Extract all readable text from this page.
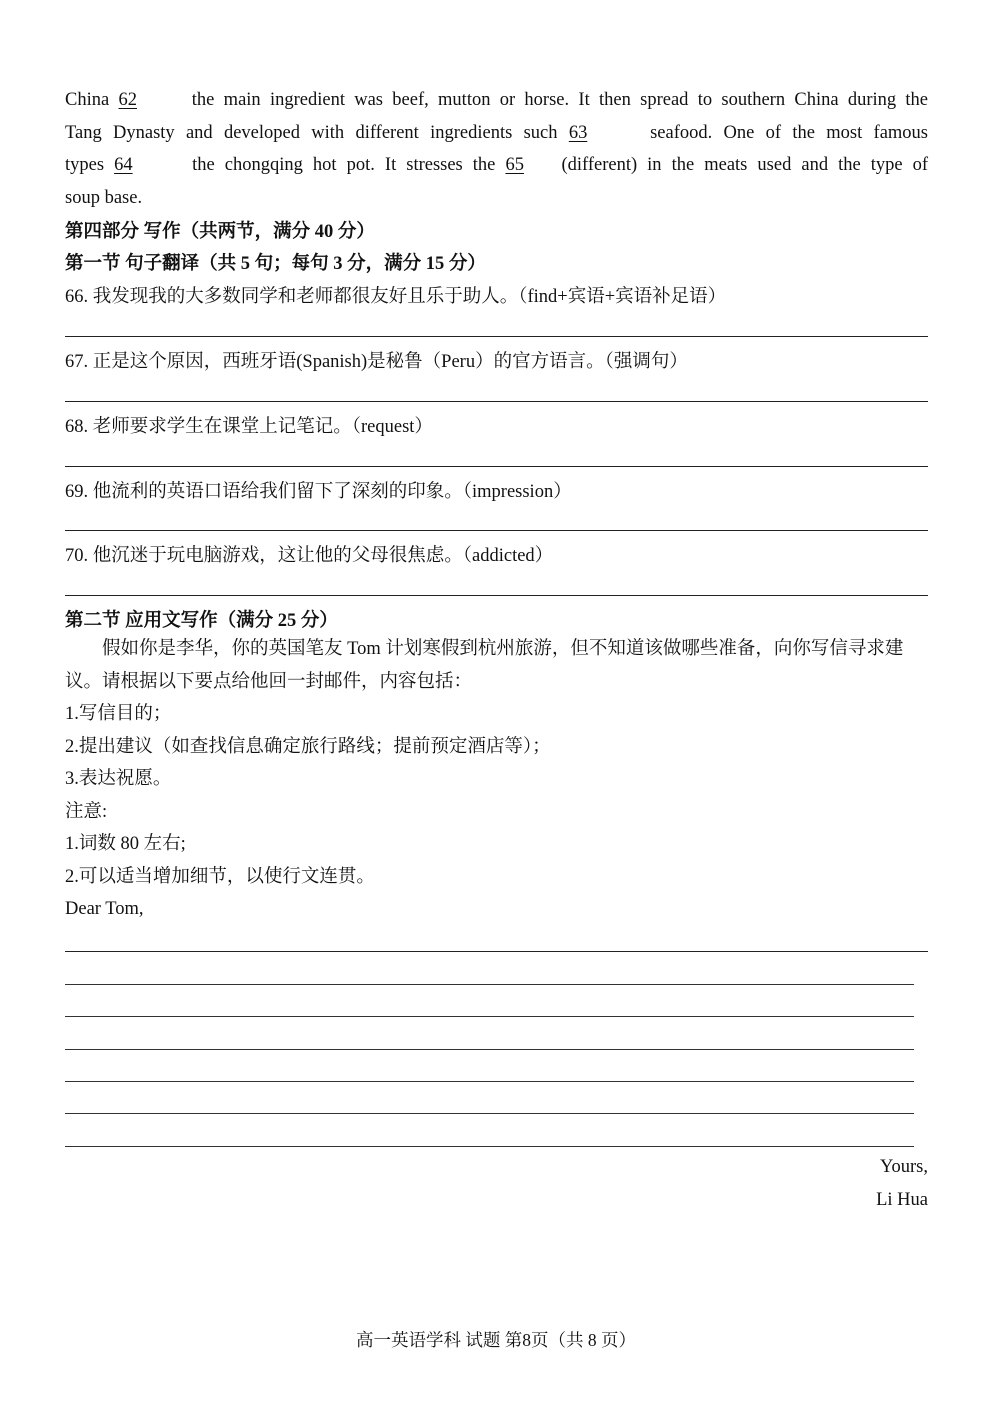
China 62	the main ingredient was beef, mutton or horse. It then spread to southern China during the

Tang Dynasty and developed with different ingredients such 63	seafood. One of the most famous

types 64	the chongqing hot pot. It stresses the 65 (different) in the meats used and the type of

soup base.

第四部分 写作（共两节，满分 40 分）
第一节 句子翻译（共 5 句；每句 3 分，满分 15 分）
66. 我发现我的大多数同学和老师都很友好且乐于助人。（find+宾语+宾语补足语）
67. 正是这个原因，西班牙语(Spanish)是秘鲁（Peru）的官方语言。（强调句）
68. 老师要求学生在课堂上记笔记。（request）
69. 他流利的英语口语给我们留下了深刻的印象。（impression）
70. 他沉迷于玩电脑游戏，这让他的父母很焦虑。（addicted）
第二节 应用文写作（满分 25 分）

假如你是李华，你的英国笔友 Tom 计划寒假到杭州旅游，但不知道该做哪些准备，向你写信寻求建议。请根据以下要点给他回一封邮件，内容包括：

1.写信目的；

2.提出建议（如查找信息确定旅行路线；提前预定酒店等）；

3.表达祝愿。

注意:

1.词数 80 左右;

2.可以适当增加细节，以使行文连贯。

Dear Tom,

Yours,
Li Hua
高一英语学科 试题 第8页（共 8 页）
